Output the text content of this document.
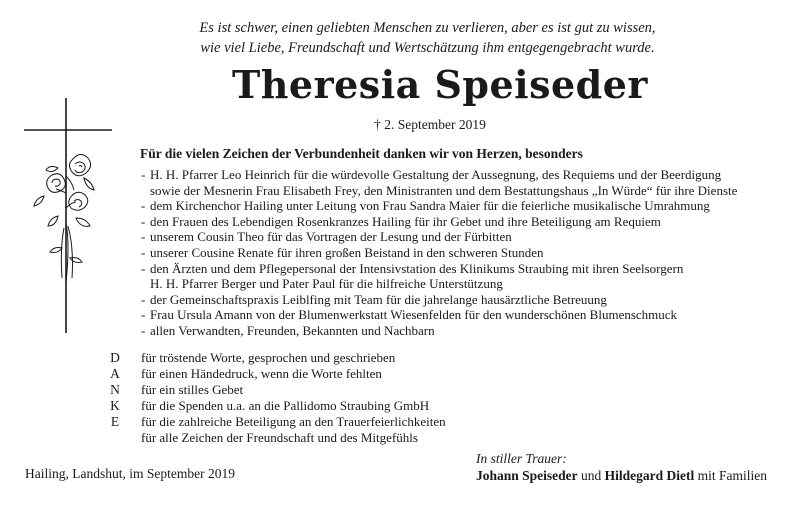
Es ist schwer, einen geliebten Menschen zu verlieren, aber es ist gut zu wissen,
wie viel Liebe, Freundschaft und Wertschätzung ihm entgegengebracht wurde.
Theresia Speiseder
† 2. September 2019
Für die vielen Zeichen der Verbundenheit danken wir von Herzen, besonders
- H. H. Pfarrer Leo Heinrich für die würdevolle Gestaltung der Aussegnung, des Requiems und der Beerdigung
sowie der Mesnerin Frau Elisabeth Frey, den Ministranten und dem Bestattungshaus „In Würde“ für ihre Dienste
- dem Kirchenchor Hailing unter Leitung von Frau Sandra Maier für die feierliche musikalische Umrahmung
- den Frauen des Lebendigen Rosenkranzes Hailing für ihr Gebet und ihre Beteiligung am Requiem
- unserem Cousin Theo für das Vortragen der Lesung und der Fürbitten
- unserer Cousine Renate für ihren großen Beistand in den schweren Stunden
- den Ärzten und dem Pflegepersonal der Intensivstation des Klinikums Straubing mit ihren Seelsorgern
H. H. Pfarrer Berger und Pater Paul für die hilfreiche Unterstützung
- der Gemeinschaftspraxis Leiblfing mit Team für die jahrelange hausärztliche Betreuung
- Frau Ursula Amann von der Blumenwerkstatt Wiesenfelden für den wunderschönen Blumenschmuck
- allen Verwandten, Freunden, Bekannten und Nachbarn
D
A
N
K
E
für tröstende Worte, gesprochen und geschrieben
für einen Händedruck, wenn die Worte fehlten
für ein stilles Gebet
für die Spenden u.a. an die Pallidomo Straubing GmbH
für die zahlreiche Beteiligung an den Trauerfeierlichkeiten
für alle Zeichen der Freundschaft und des Mitgefühls
Hailing, Landshut, im September 2019
In stiller Trauer:
Johann Speiseder und Hildegard Dietl mit Familien
